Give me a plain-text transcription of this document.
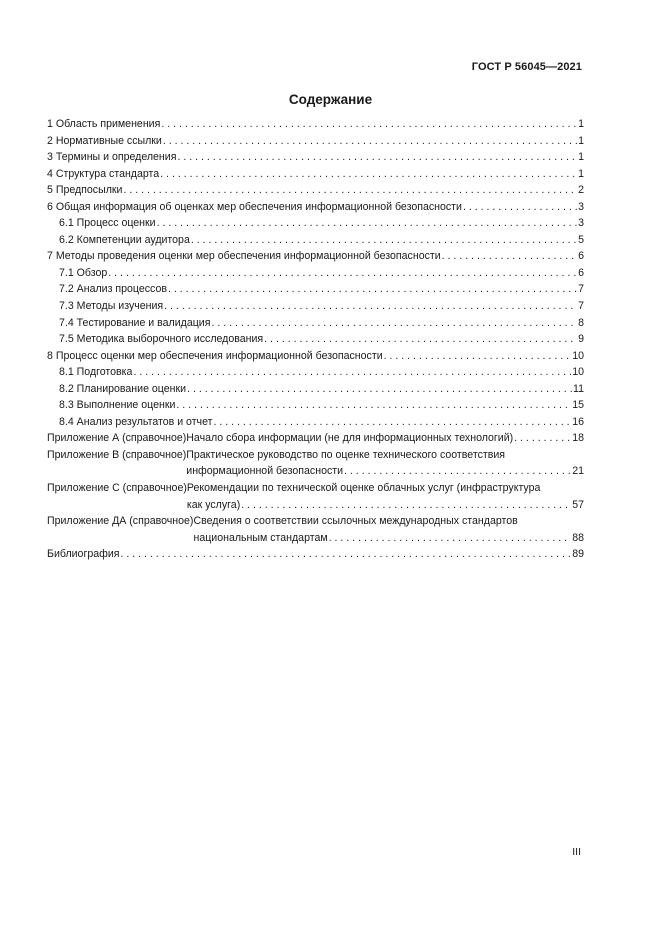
ГОСТ Р 56045—2021
Содержание
1 Область применения . . .	1
2 Нормативные ссылки . . .	1
3 Термины и определения . . .	1
4 Структура стандарта . . .	1
5 Предпосылки . . .	2
6 Общая информация об оценках мер обеспечения информационной безопасности . . .	3
6.1 Процесс оценки . . .	3
6.2 Компетенции аудитора . . .	5
7 Методы проведения оценки мер обеспечения информационной безопасности . . .	6
7.1 Обзор . . .	6
7.2 Анализ процессов . . .	7
7.3 Методы изучения . . .	7
7.4 Тестирование и валидация . . .	8
7.5 Методика выборочного исследования . . .	9
8 Процесс оценки мер обеспечения информационной безопасности . . .	10
8.1 Подготовка . . .	10
8.2 Планирование оценки . . .	11
8.3 Выполнение оценки . . .	15
8.4 Анализ результатов и отчет . . .	16
Приложение А (справочное) Начало сбора информации (не для информационных технологий) . . .	18
Приложение В (справочное) Практическое руководство по оценке технического соответствия
информационной безопасности . . .	21
Приложение С (справочное) Рекомендации по технической оценке облачных услуг (инфраструктура
как услуга) . . .	57
Приложение ДА (справочное) Сведения о соответствии ссылочных международных стандартов
национальным стандартам . . .	88
Библиография . . .	89
III
